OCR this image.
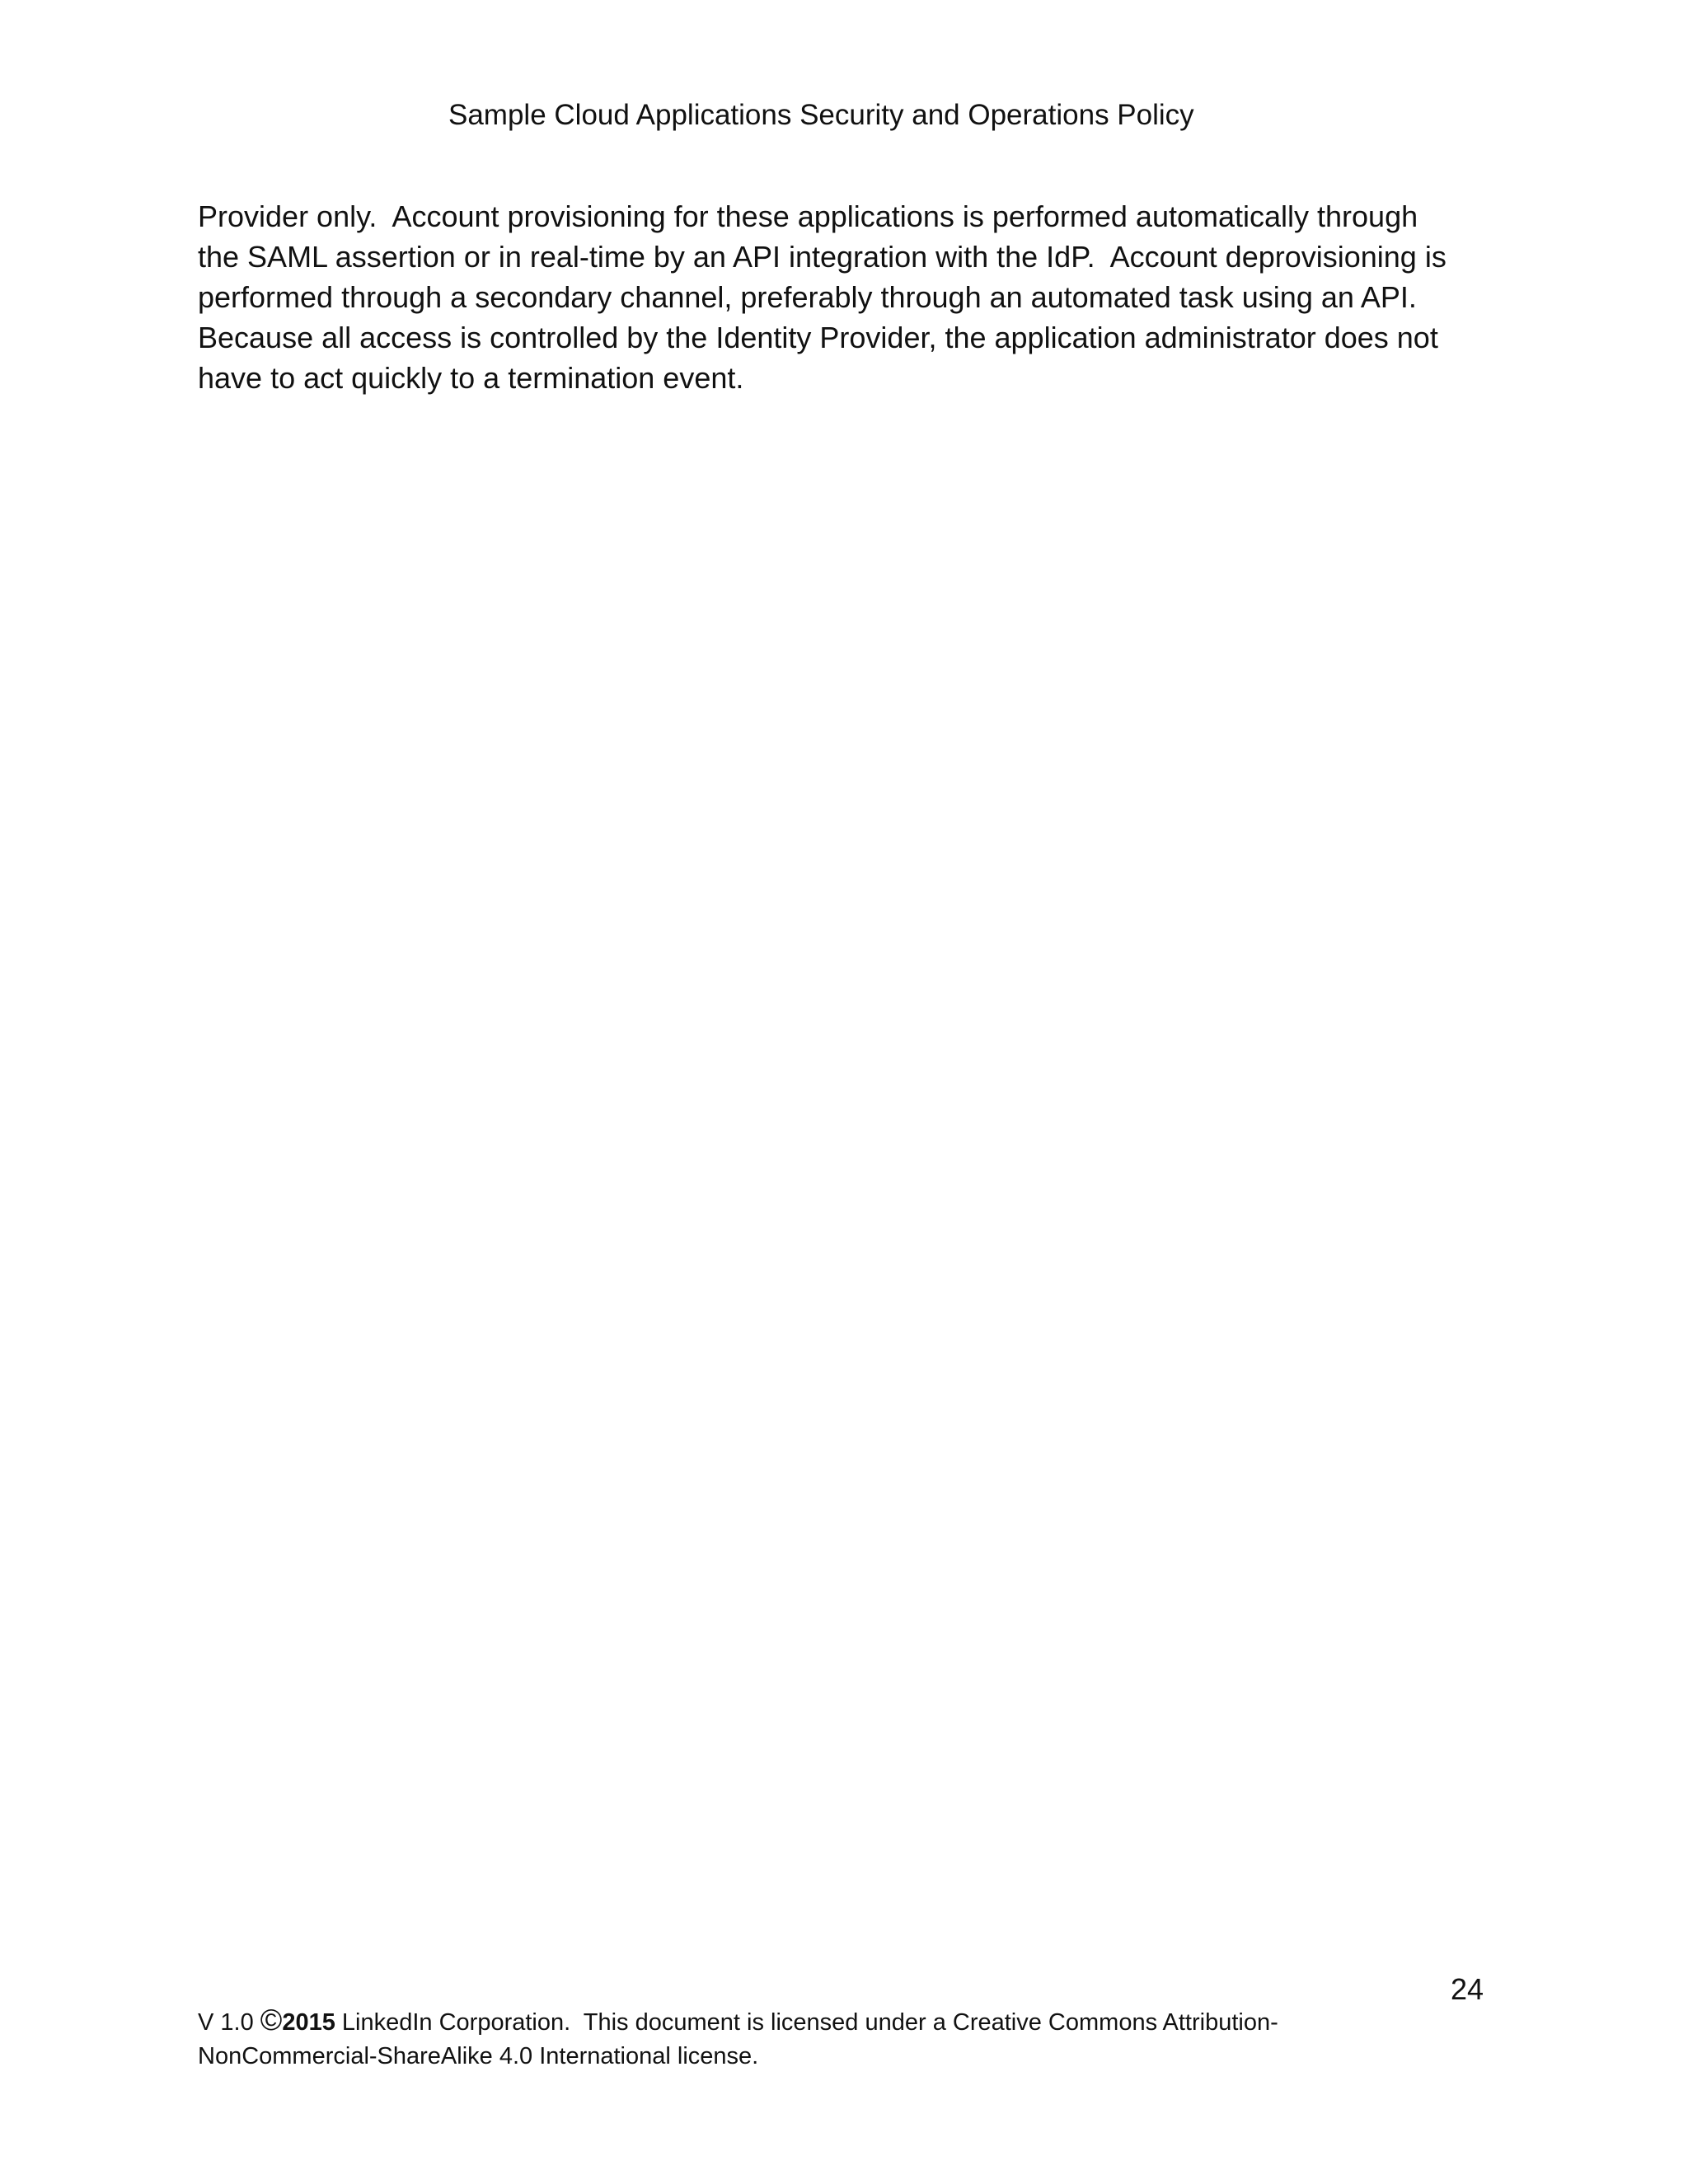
Sample Cloud Applications Security and Operations Policy
Provider only.  Account provisioning for these applications is performed automatically through
the SAML assertion or in real-time by an API integration with the IdP.  Account deprovisioning is
performed through a secondary channel, preferably through an automated task using an API.
Because all access is controlled by the Identity Provider, the application administrator does not
have to act quickly to a termination event.
24
V 1.0 ©2015 LinkedIn Corporation.  This document is licensed under a Creative Commons Attribution-
NonCommercial-ShareAlike 4.0 International license.
